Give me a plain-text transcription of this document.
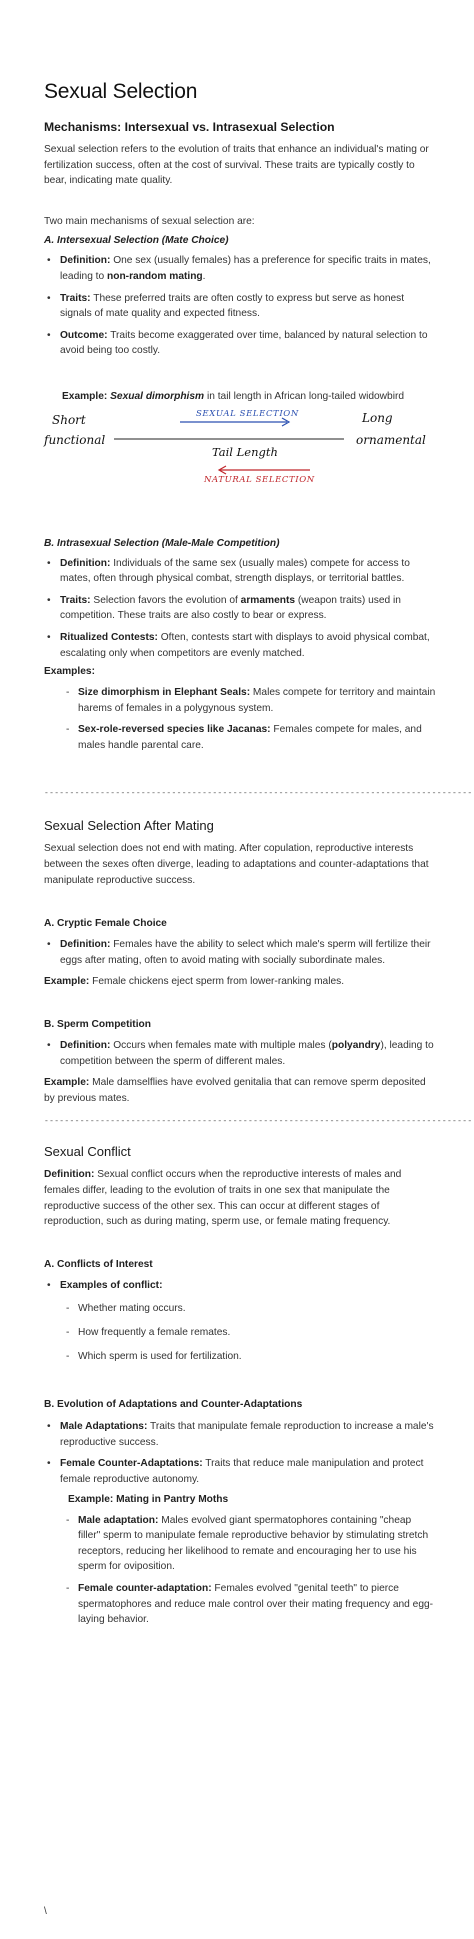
Sexual Selection
Mechanisms: Intersexual vs. Intrasexual Selection

Sexual selection refers to the evolution of traits that enhance an individual's mating or fertilization success, often at the cost of survival. These traits are typically costly to bear, indicating mate quality.

Two main mechanisms of sexual selection are:

A. Intersexual Selection (Mate Choice)
• Definition: One sex (usually females) has a preference for specific traits in mates, leading to non-random mating.
• Traits: These preferred traits are often costly to express but serve as honest signals of mate quality and expected fitness.
• Outcome: Traits become exaggerated over time, balanced by natural selection to avoid being too costly.

Example: Sexual dimorphism in tail length in African long-tailed widowbird

Short
functional
Long
ornamental
SEXUAL SELECTION
Tail Length
NATURAL SELECTION
B. Intrasexual Selection (Male-Male Competition)
• Definition: Individuals of the same sex (usually males) compete for access to mates, often through physical combat, strength displays, or territorial battles.
• Traits: Selection favors the evolution of armaments (weapon traits) used in competition. These traits are also costly to bear or express.
• Ritualized Contests: Often, contests start with displays to avoid physical combat, escalating only when competitors are evenly matched.
Examples:
- Size dimorphism in Elephant Seals: Males compete for territory and maintain harems of females in a polygynous system.
- Sex-role-reversed species like Jacanas: Females compete for males, and males handle parental care.
------------------------------------------------------------------------------------
Sexual Selection After Mating

Sexual selection does not end with mating. After copulation, reproductive interests between the sexes often diverge, leading to adaptations and counter-adaptations that manipulate reproductive success.

A. Cryptic Female Choice
• Definition: Females have the ability to select which male's sperm will fertilize their eggs after mating, often to avoid mating with socially subordinate males.

Example: Female chickens eject sperm from lower-ranking males.

B. Sperm Competition
• Definition: Occurs when females mate with multiple males (polyandry), leading to competition between the sperm of different males.

Example: Male damselflies have evolved genitalia that can remove sperm deposited by previous mates.

------------------------------------------------------------------------------------
Sexual Conflict

Definition: Sexual conflict occurs when the reproductive interests of males and females differ, leading to the evolution of traits in one sex that manipulate the reproductive success of the other sex. This can occur at different stages of reproduction, such as during mating, sperm use, or female mating frequency.

A. Conflicts of Interest
• Examples of conflict:
- Whether mating occurs.
- How frequently a female remates.
- Which sperm is used for fertilization.
B. Evolution of Adaptations and Counter-Adaptations
• Male Adaptations: Traits that manipulate female reproduction to increase a male's reproductive success.
• Female Counter-Adaptations: Traits that reduce male manipulation and protect female reproductive autonomy.
Example: Mating in Pantry Moths
- Male adaptation: Males evolved giant spermatophores containing "cheap filler" sperm to manipulate female reproductive behavior by stimulating stretch receptors, reducing her likelihood to remate and encouraging her to use his sperm for oviposition.
- Female counter-adaptation: Females evolved "genital teeth" to pierce spermatophores and reduce male control over their mating frequency and egg-laying behavior.
\
